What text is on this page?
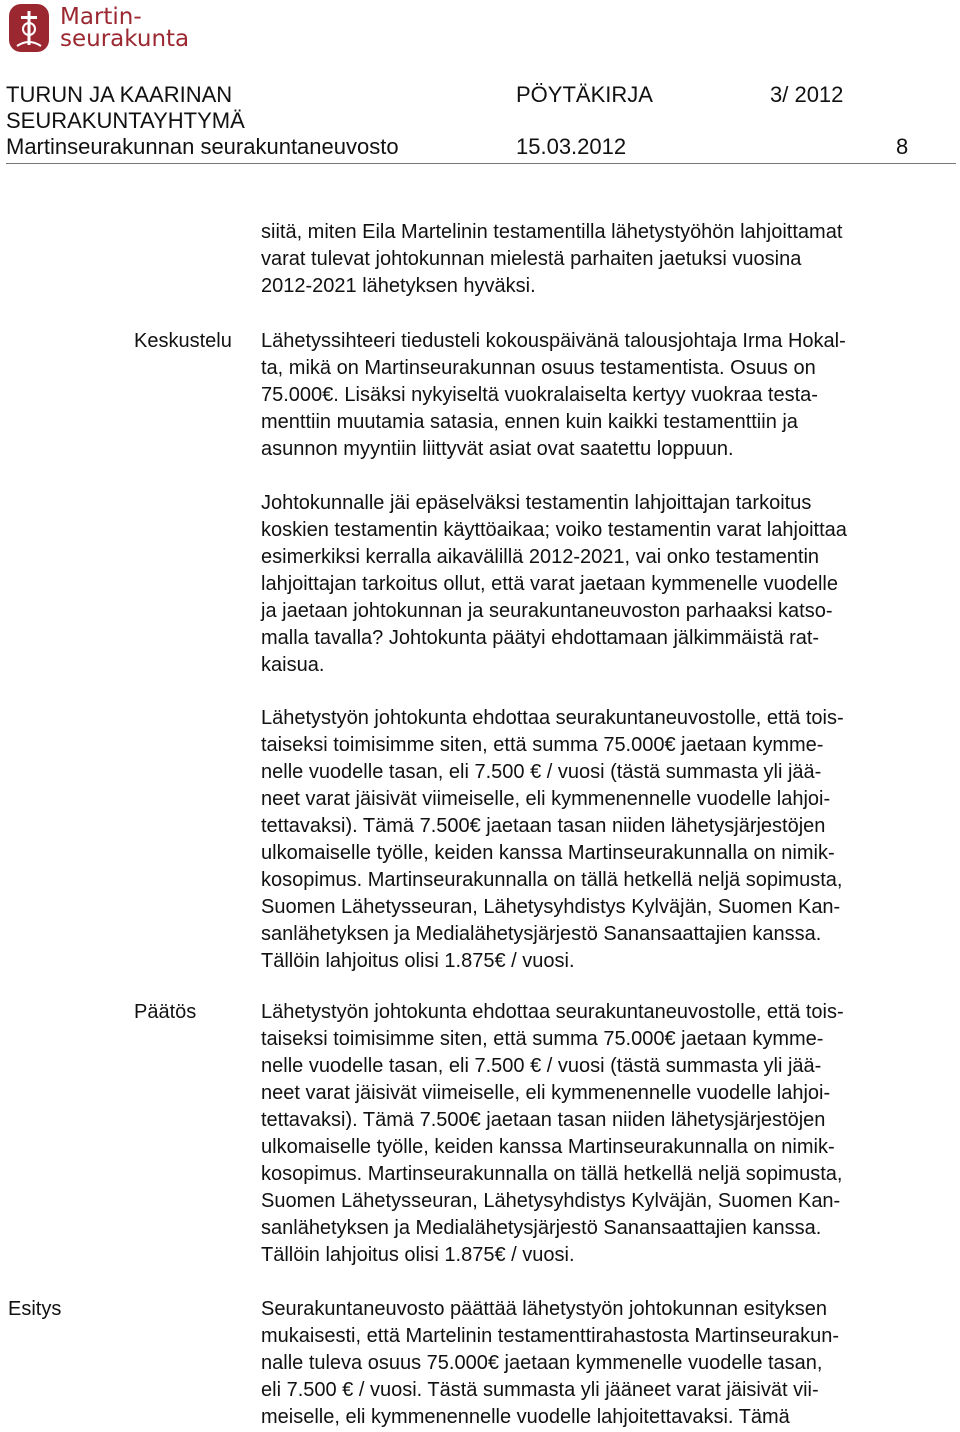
Martin-
seurakunta
TURUN JA KAARINAN
SEURAKUNTAYHTYMÄ
Martinseurakunnan seurakuntaneuvosto
PÖYTÄKIRJA	3/ 2012
15.03.2012	8
Keskustelu
Päätös
Esitys
siitä, miten Eila Martelinin testamentilla lähetystyöhön lahjoittamat
varat tulevat johtokunnan mielestä parhaiten jaetuksi vuosina
2012-2021 lähetyksen hyväksi.
Lähetyssihteeri tiedusteli kokouspäivänä talousjohtaja Irma Hokal-
ta, mikä on Martinseurakunnan osuus testamentista. Osuus on
75.000€. Lisäksi nykyiseltä vuokralaiselta kertyy vuokraa testa-
menttiin muutamia satasia, ennen kuin kaikki testamenttiin ja
asunnon myyntiin liittyvät asiat ovat saatettu loppuun.
Johtokunnalle jäi epäselväksi testamentin lahjoittajan tarkoitus
koskien testamentin käyttöaikaa; voiko testamentin varat lahjoittaa
esimerkiksi kerralla aikavälillä 2012-2021, vai onko testamentin
lahjoittajan tarkoitus ollut, että varat jaetaan kymmenelle vuodelle
ja jaetaan johtokunnan ja seurakuntaneuvoston parhaaksi katso-
malla tavalla? Johtokunta päätyi ehdottamaan jälkimmäistä rat-
kaisua.
Lähetystyön johtokunta ehdottaa seurakuntaneuvostolle, että tois-
taiseksi toimisimme siten, että summa 75.000€ jaetaan kymme-
nelle vuodelle tasan, eli 7.500 € / vuosi (tästä summasta yli jää-
neet varat jäisivät viimeiselle, eli kymmenennelle vuodelle lahjoi-
tettavaksi). Tämä 7.500€ jaetaan tasan niiden lähetysjärjestöjen
ulkomaiselle työlle, keiden kanssa Martinseurakunnalla on nimik-
kosopimus. Martinseurakunnalla on tällä hetkellä neljä sopimusta,
Suomen Lähetysseuran, Lähetysyhdistys Kylväjän, Suomen Kan-
sanlähetyksen ja Medialähetysjärjestö Sanansaattajien kanssa.
Tällöin lahjoitus olisi 1.875€ / vuosi.
Lähetystyön johtokunta ehdottaa seurakuntaneuvostolle, että tois-
taiseksi toimisimme siten, että summa 75.000€ jaetaan kymme-
nelle vuodelle tasan, eli 7.500 € / vuosi (tästä summasta yli jää-
neet varat jäisivät viimeiselle, eli kymmenennelle vuodelle lahjoi-
tettavaksi). Tämä 7.500€ jaetaan tasan niiden lähetysjärjestöjen
ulkomaiselle työlle, keiden kanssa Martinseurakunnalla on nimik-
kosopimus. Martinseurakunnalla on tällä hetkellä neljä sopimusta,
Suomen Lähetysseuran, Lähetysyhdistys Kylväjän, Suomen Kan-
sanlähetyksen ja Medialähetysjärjestö Sanansaattajien kanssa.
Tällöin lahjoitus olisi 1.875€ / vuosi.
Seurakuntaneuvosto päättää lähetystyön johtokunnan esityksen
mukaisesti, että Martelinin testamenttirahastosta Martinseurakun-
nalle tuleva osuus 75.000€ jaetaan kymmenelle vuodelle tasan,
eli 7.500 € / vuosi. Tästä summasta yli jääneet varat jäisivät vii-
meiselle, eli kymmenennelle vuodelle lahjoitettavaksi. Tämä
